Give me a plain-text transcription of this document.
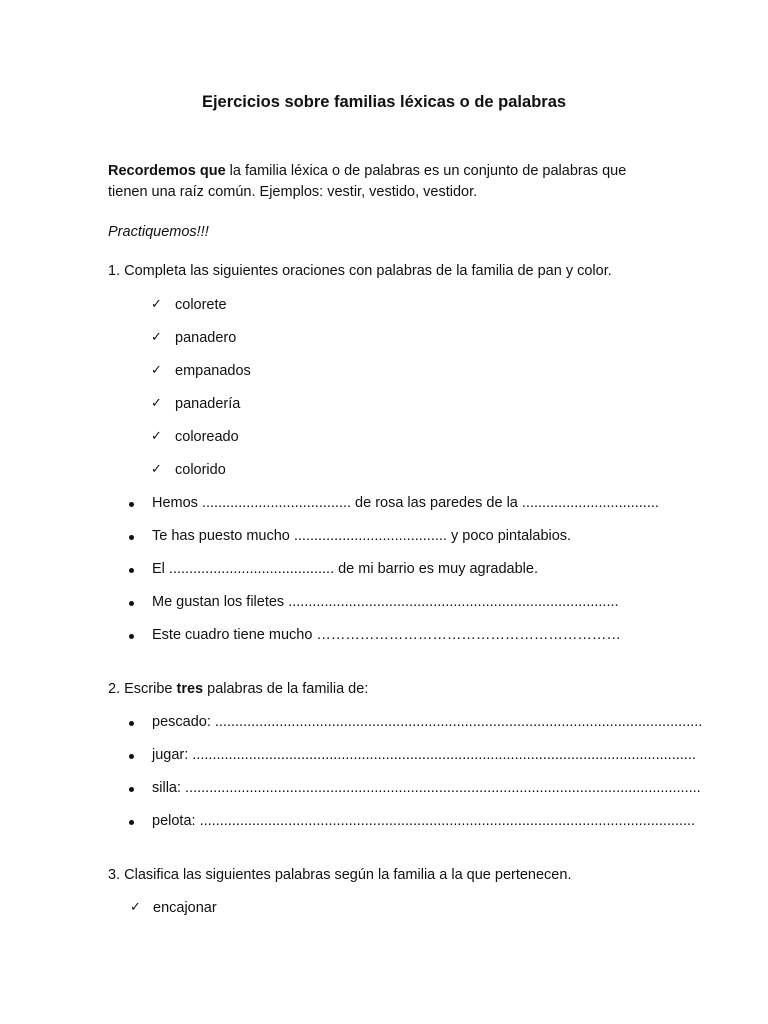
Ejercicios sobre familias léxicas o de palabras
Recordemos que la familia léxica o de palabras es un conjunto de palabras que
tienen una raíz común. Ejemplos: vestir, vestido, vestidor.
Practiquemos!!!
1. Completa las siguientes oraciones con palabras de la familia de pan y color.
✓ colorete
✓ panadero
✓ empanados
✓ panadería
✓ coloreado
✓ colorido
Hemos ..................................... de rosa las paredes de la ..................................
Te has puesto mucho ...................................... y poco pintalabios.
El ......................................... de mi barrio es muy agradable.
Me gustan los filetes ..................................................................................
Este cuadro tiene mucho ………………………………………………………
2. Escribe tres palabras de la familia de:
pescado: .........................................................................................................................
jugar: .............................................................................................................................
silla: ................................................................................................................................
pelota: ...........................................................................................................................
3. Clasifica las siguientes palabras según la familia a la que pertenecen.
✓ encajonar
